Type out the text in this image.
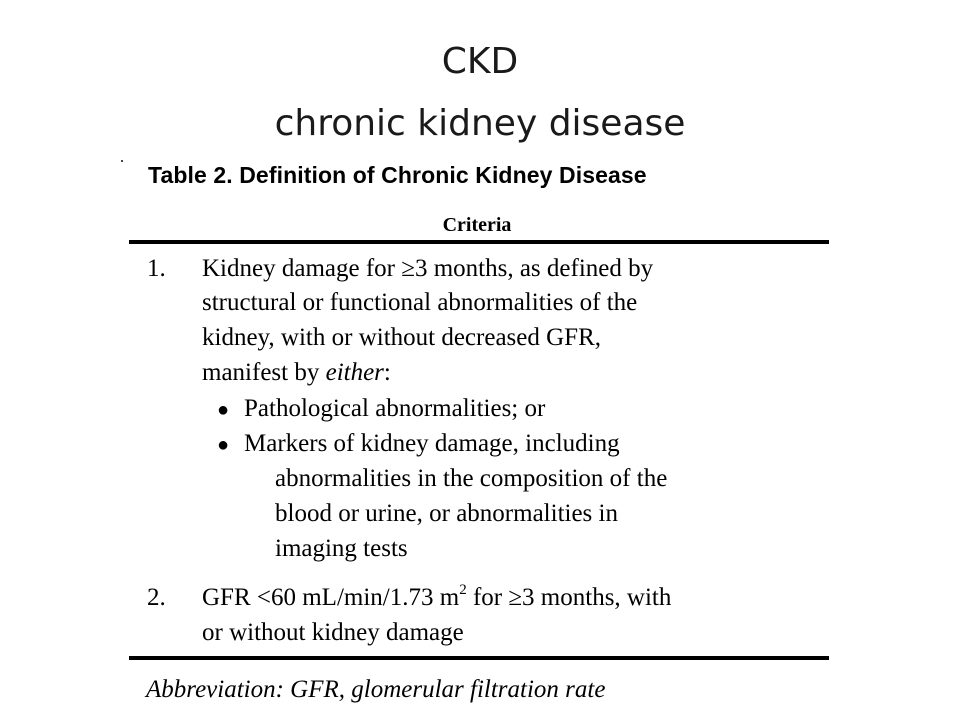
CKD
chronic kidney disease
Table 2. Definition of Chronic Kidney Disease
Criteria
1. Kidney damage for ≥3 months, as defined by
structural or functional abnormalities of the
kidney, with or without decreased GFR,
manifest by either:
● Pathological abnormalities; or
● Markers of kidney damage, including
abnormalities in the composition of the
blood or urine, or abnormalities in
imaging tests
2. GFR <60 mL/min/1.73 $m^2$ for ≥3 months, with
or without kidney damage
Abbreviation: GFR, glomerular filtration rate
